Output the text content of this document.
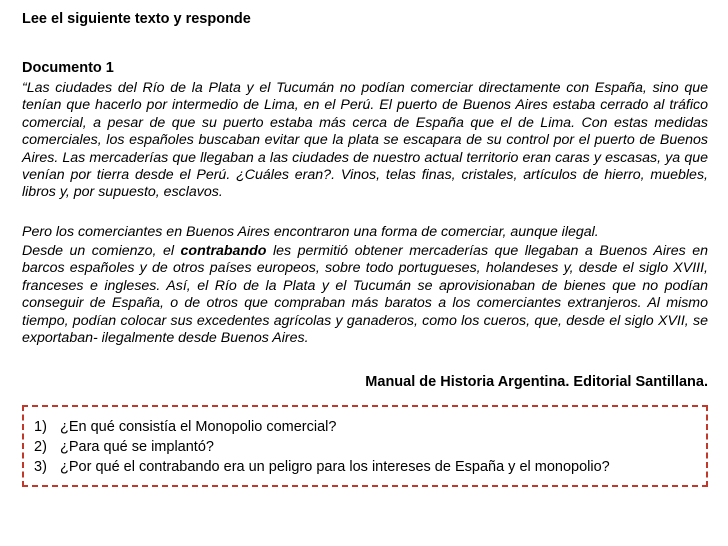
Lee el siguiente texto y responde
Documento 1

“Las ciudades del Río de la Plata y el Tucumán no podían comerciar directamente con España, sino que tenían que hacerlo por intermedio de Lima, en el Perú. El puerto de Buenos Aires estaba cerrado al tráfico comercial, a pesar de que su puerto estaba más cerca de España que el de Lima. Con estas medidas comerciales, los españoles buscaban evitar que la plata se escapara de su control por el puerto de Buenos Aires. Las mercaderías que llegaban a las ciudades de nuestro actual territorio eran caras y escasas, ya que venían por tierra desde el Perú. ¿Cuáles eran?. Vinos, telas finas, cristales, artículos de hierro, muebles, libros y, por supuesto, esclavos.

Pero los comerciantes en Buenos Aires encontraron una forma de comerciar, aunque ilegal.

Desde un comienzo, el contrabando les permitió obtener mercaderías que llegaban a Buenos Aires en barcos españoles y de otros países europeos, sobre todo portugueses, holandeses y, desde el siglo XVIII, franceses e ingleses. Así, el Río de la Plata y el Tucumán se aprovisionaban de bienes que no podían conseguir de España, o de otros que compraban más baratos a los comerciantes extranjeros. Al mismo tiempo, podían colocar sus excedentes agrícolas y ganaderos, como los cueros, que, desde el siglo XVII, se exportaban- ilegalmente desde Buenos Aires.

Manual de Historia Argentina. Editorial Santillana.
1) ¿En qué consistía el Monopolio comercial?
2) ¿Para qué se implantó?
3) ¿Por qué el contrabando era un peligro para los intereses de España y el monopolio?
